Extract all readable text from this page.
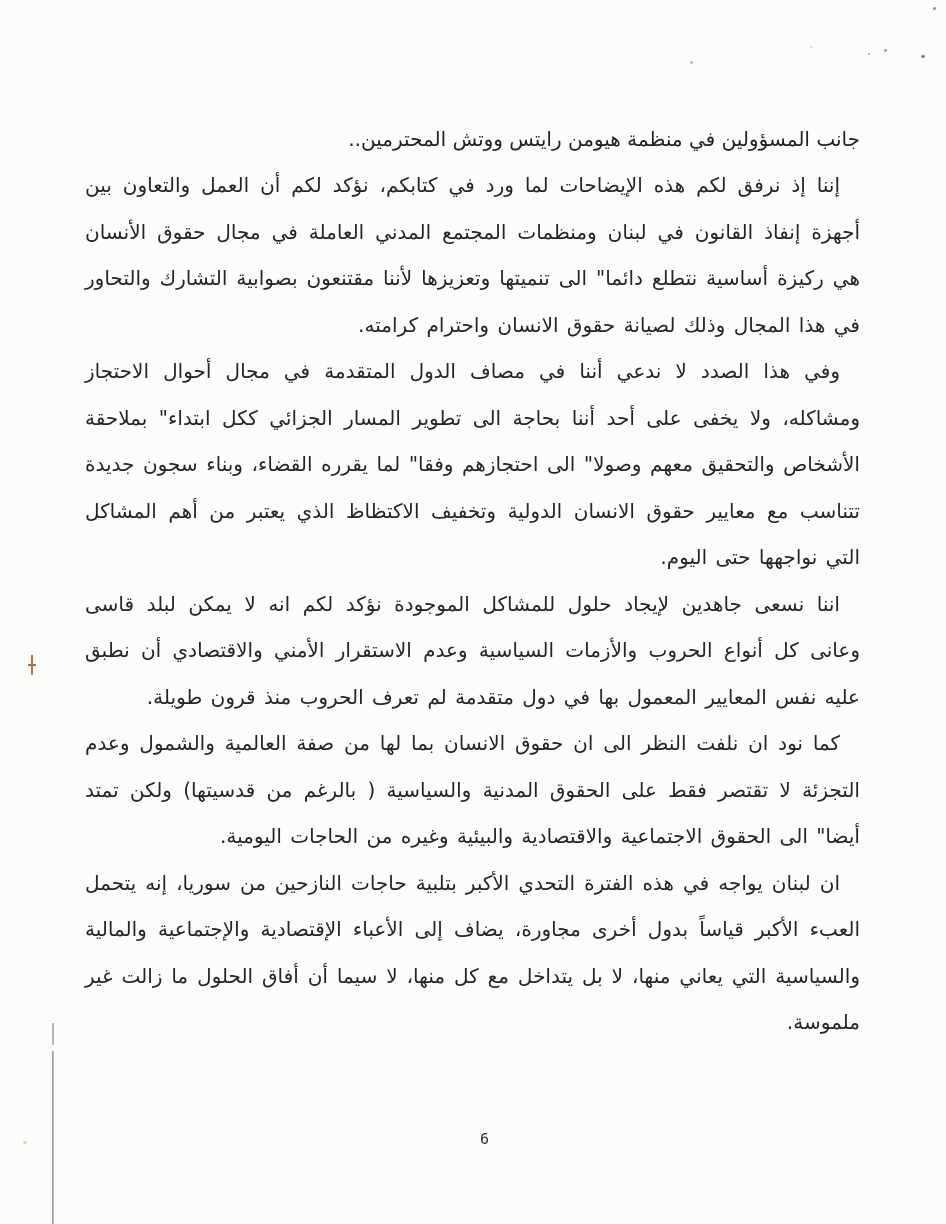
جانب المسؤولين في منظمة هيومن رايتس ووتش المحترمين..

إننا إذ نرفق لكم هذه الإيضاحات لما ورد في كتابكم، نؤكد لكم أن العمل والتعاون بين أجهزة إنفاذ القانون في لبنان ومنظمات المجتمع المدني العاملة في مجال حقوق الأنسان هي ركيزة أساسية نتطلع دائما" الى تنميتها وتعزيزها لأننا مقتنعون بصوابية التشارك والتحاور في هذا المجال وذلك لصيانة حقوق الانسان واحترام كرامته.

وفي هذا الصدد لا ندعي أننا في مصاف الدول المتقدمة في مجال أحوال الاحتجاز ومشاكله، ولا يخفى على أحد أننا بحاجة الى تطوير المسار الجزائي ككل ابتداء" بملاحقة الأشخاص والتحقيق معهم وصولا" الى احتجازهم وفقا" لما يقرره القضاء، وبناء سجون جديدة تتناسب مع معايير حقوق الانسان الدولية وتخفيف الاكتظاظ الذي يعتبر من أهم المشاكل التي نواجهها حتى اليوم.

اننا نسعى جاهدين لإيجاد حلول للمشاكل الموجودة نؤكد لكم انه لا يمكن لبلد قاسى وعانى كل أنواع الحروب والأزمات السياسية وعدم الاستقرار الأمني والاقتصادي أن نطبق عليه نفس المعايير المعمول بها في دول متقدمة لم تعرف الحروب منذ قرون طويلة.

كما نود ان نلفت النظر الى ان حقوق الانسان بما لها من صفة العالمية والشمول وعدم التجزئة لا تقتصر فقط على الحقوق المدنية والسياسية ( بالرغم من قدسيتها) ولكن تمتد أيضا" الى الحقوق الاجتماعية والاقتصادية والبيئية وغيره من الحاجات اليومية.

ان لبنان يواجه في هذه الفترة التحدي الأكبر بتلبية حاجات النازحين من سوريا، إنه يتحمل العبء الأكبر قياساً بدول أخرى مجاورة، يضاف إلى الأعباء الإقتصادية والإجتماعية والمالية والسياسية التي يعاني منها، لا بل يتداخل مع كل منها، لا سيما أن أفاق الحلول ما زالت غير ملموسة.

6
